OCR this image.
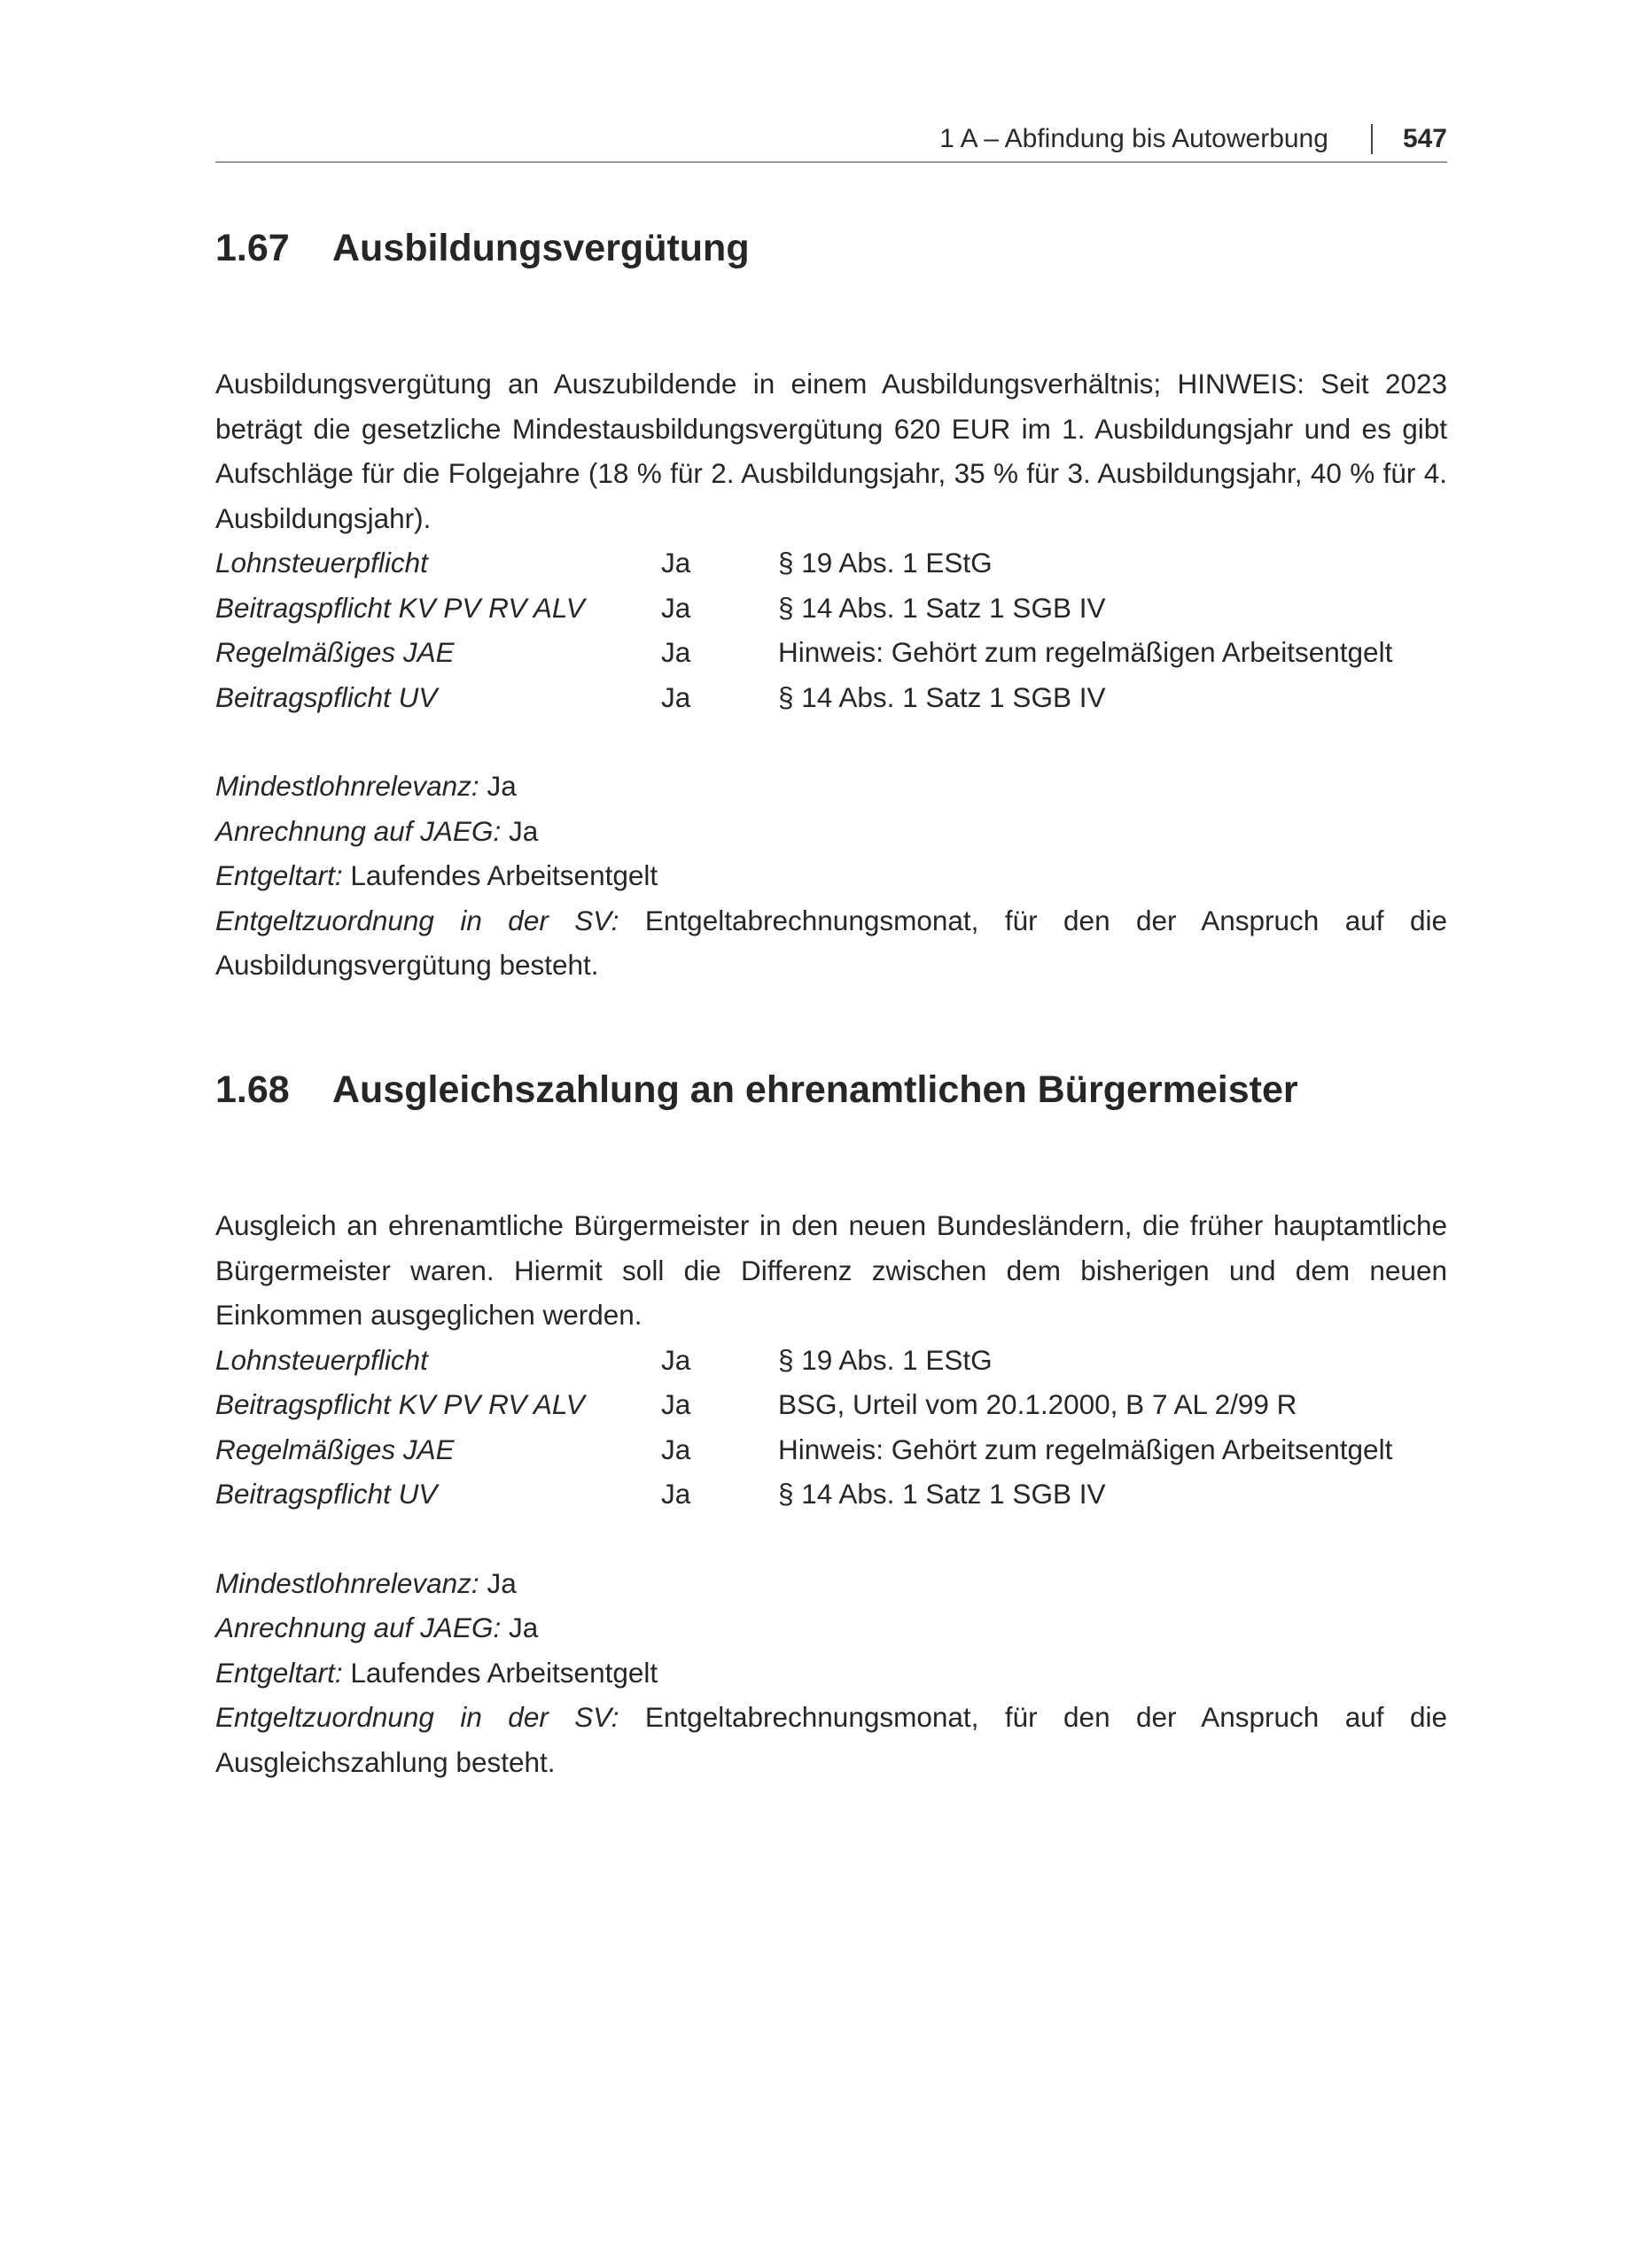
1 A – Abfindung bis Autowerbung	547
1.67	Ausbildungsvergütung

Ausbildungsvergütung an Auszubildende in einem Ausbildungsverhältnis; HINWEIS: Seit 2023 beträgt die gesetzliche Mindestausbildungsvergütung 620 EUR im 1. Ausbildungsjahr und es gibt Aufschläge für die Folgejahre (18 % für 2. Ausbildungsjahr, 35 % für 3. Ausbildungsjahr, 40 % für 4. Ausbildungsjahr).

Lohnsteuerpflicht	Ja	§ 19 Abs. 1 EStG
Beitragspflicht KV PV RV ALV	Ja	§ 14 Abs. 1 Satz 1 SGB IV
Regelmäßiges JAE	Ja	Hinweis: Gehört zum regelmäßigen Arbeitsentgelt
Beitragspflicht UV	Ja	§ 14 Abs. 1 Satz 1 SGB IV
Mindestlohnrelevanz: Ja
Anrechnung auf JAEG: Ja
Entgeltart: Laufendes Arbeitsentgelt
Entgeltzuordnung in der SV: Entgeltabrechnungsmonat, für den der Anspruch auf die Ausbildungsvergütung besteht.
1.68	Ausgleichszahlung an ehrenamtlichen Bürgermeister

Ausgleich an ehrenamtliche Bürgermeister in den neuen Bundesländern, die früher hauptamtliche Bürgermeister waren. Hiermit soll die Differenz zwischen dem bisherigen und dem neuen Einkommen ausgeglichen werden.

Lohnsteuerpflicht	Ja	§ 19 Abs. 1 EStG
Beitragspflicht KV PV RV ALV	Ja	BSG, Urteil vom 20.1.2000, B 7 AL 2/99 R
Regelmäßiges JAE	Ja	Hinweis: Gehört zum regelmäßigen Arbeitsentgelt
Beitragspflicht UV	Ja	§ 14 Abs. 1 Satz 1 SGB IV
Mindestlohnrelevanz: Ja
Anrechnung auf JAEG: Ja
Entgeltart: Laufendes Arbeitsentgelt
Entgeltzuordnung in der SV: Entgeltabrechnungsmonat, für den der Anspruch auf die Ausgleichszahlung besteht.
